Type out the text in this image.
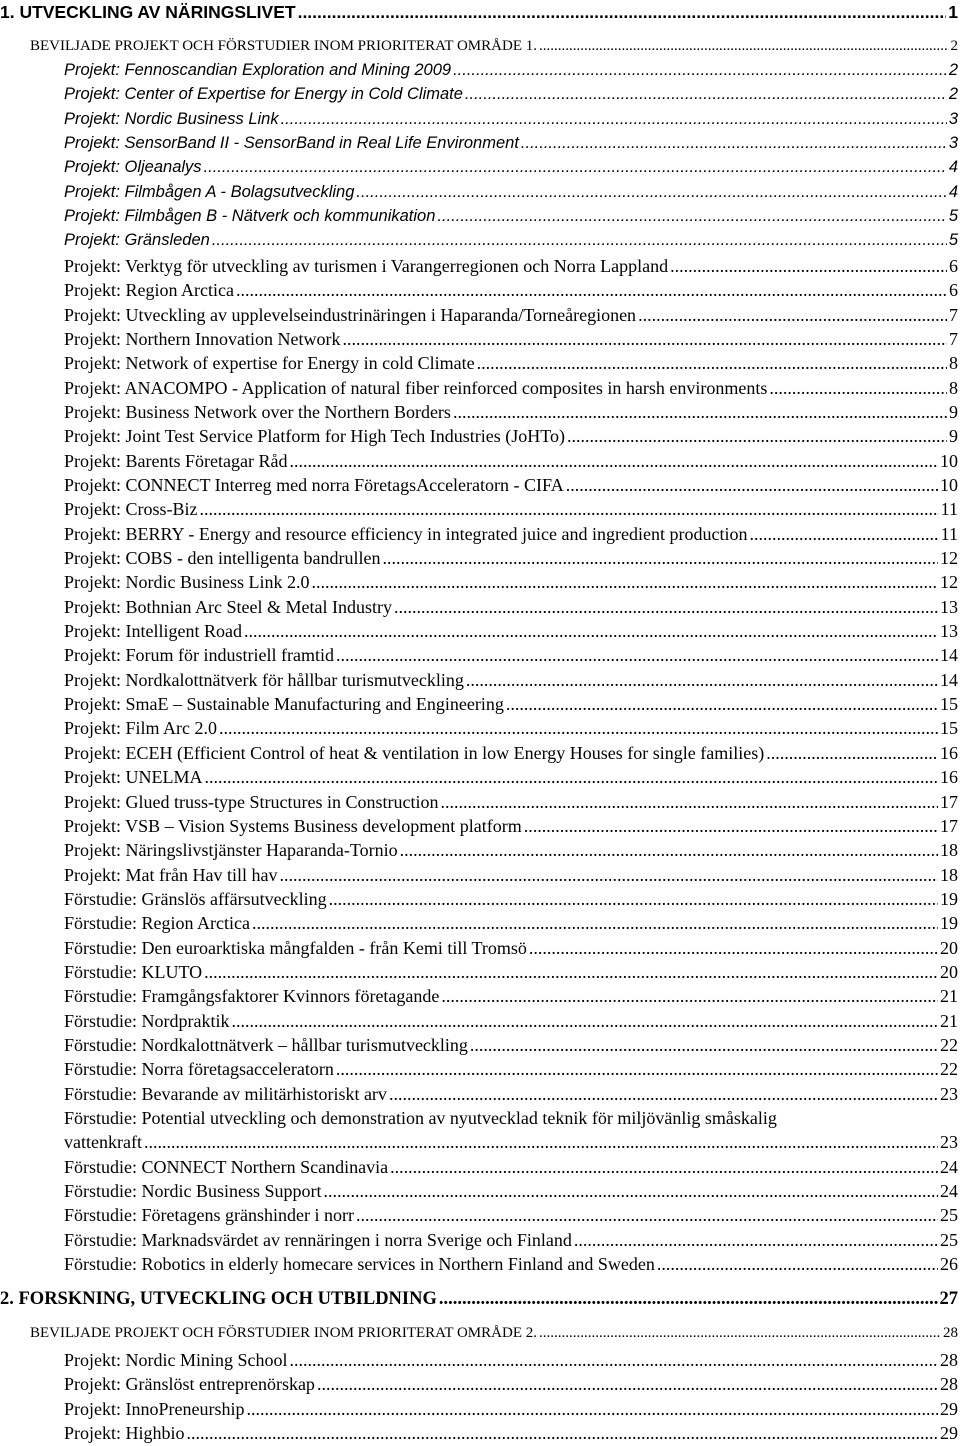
1. UTVECKLING AV NÄRINGSLIVET .....	1
BEVILJADE PROJEKT OCH FÖRSTUDIER INOM PRIORITERAT OMRÅDE 1. .....	2
Projekt: Fennoscandian Exploration and Mining 2009 .....	2
Projekt: Center of Expertise for Energy in Cold Climate .....	2
Projekt: Nordic Business Link .....	3
Projekt: SensorBand II - SensorBand in Real Life Environment .....	3
Projekt: Oljeanalys .....	4
Projekt: Filmbågen A - Bolagsutveckling .....	4
Projekt: Filmbågen B - Nätverk och kommunikation .....	5
Projekt: Gränsleden .....	5
Projekt: Verktyg för utveckling av turismen i Varangerregionen och Norra Lappland .....	6
Projekt: Region Arctica .....	6
Projekt: Utveckling av upplevelseindustrinäringen i Haparanda/Torneåregionen .....	7
Projekt: Northern Innovation Network .....	7
Projekt: Network of expertise for Energy in cold Climate .....	8
Projekt: ANACOMPO - Application of natural fiber reinforced composites in harsh environments .....	8
Projekt: Business Network over the Northern Borders .....	9
Projekt: Joint Test Service Platform for High Tech Industries (JoHTo) .....	9
Projekt: Barents Företagar Råd .....	10
Projekt: CONNECT Interreg med norra FöretagsAcceleratorn - CIFA .....	10
Projekt: Cross-Biz .....	11
Projekt: BERRY - Energy and resource efficiency in integrated juice and ingredient production .....	11
Projekt: COBS - den intelligenta bandrullen .....	12
Projekt: Nordic Business Link 2.0 .....	12
Projekt: Bothnian Arc Steel & Metal Industry .....	13
Projekt: Intelligent Road .....	13
Projekt: Forum för industriell framtid .....	14
Projekt: Nordkalottnätverk för hållbar turismutveckling .....	14
Projekt: SmaE – Sustainable Manufacturing and Engineering .....	15
Projekt: Film Arc 2.0 .....	15
Projekt: ECEH (Efficient Control of heat & ventilation in low Energy Houses for single families) .....	16
Projekt: UNELMA .....	16
Projekt: Glued truss-type Structures in Construction .....	17
Projekt: VSB – Vision Systems Business development platform .....	17
Projekt: Näringslivstjänster Haparanda-Tornio .....	18
Projekt: Mat från Hav till hav .....	18
Förstudie: Gränslös affärsutveckling .....	19
Förstudie: Region Arctica .....	19
Förstudie: Den euroarktiska mångfalden - från Kemi till Tromsö .....	20
Förstudie: KLUTO .....	20
Förstudie: Framgångsfaktorer Kvinnors företagande .....	21
Förstudie: Nordpraktik .....	21
Förstudie: Nordkalottnätverk – hållbar turismutveckling .....	22
Förstudie: Norra företagsacceleratorn .....	22
Förstudie: Bevarande av militärhistoriskt arv .....	23
Förstudie: Potential utveckling och demonstration av nyutvecklad teknik för miljövänlig småskalig
vattenkraft .....	23
Förstudie: CONNECT Northern Scandinavia .....	24
Förstudie: Nordic Business Support .....	24
Förstudie: Företagens gränshinder i norr .....	25
Förstudie: Marknadsvärdet av rennäringen i norra Sverige och Finland .....	25
Förstudie: Robotics in elderly homecare services in Northern Finland and Sweden .....	26
2. FORSKNING, UTVECKLING OCH UTBILDNING .....	27
BEVILJADE PROJEKT OCH FÖRSTUDIER INOM PRIORITERAT OMRÅDE 2. .....	28
Projekt: Nordic Mining School .....	28
Projekt: Gränslöst entreprenörskap .....	28
Projekt: InnoPreneurship .....	29
Projekt: Highbio .....	29
